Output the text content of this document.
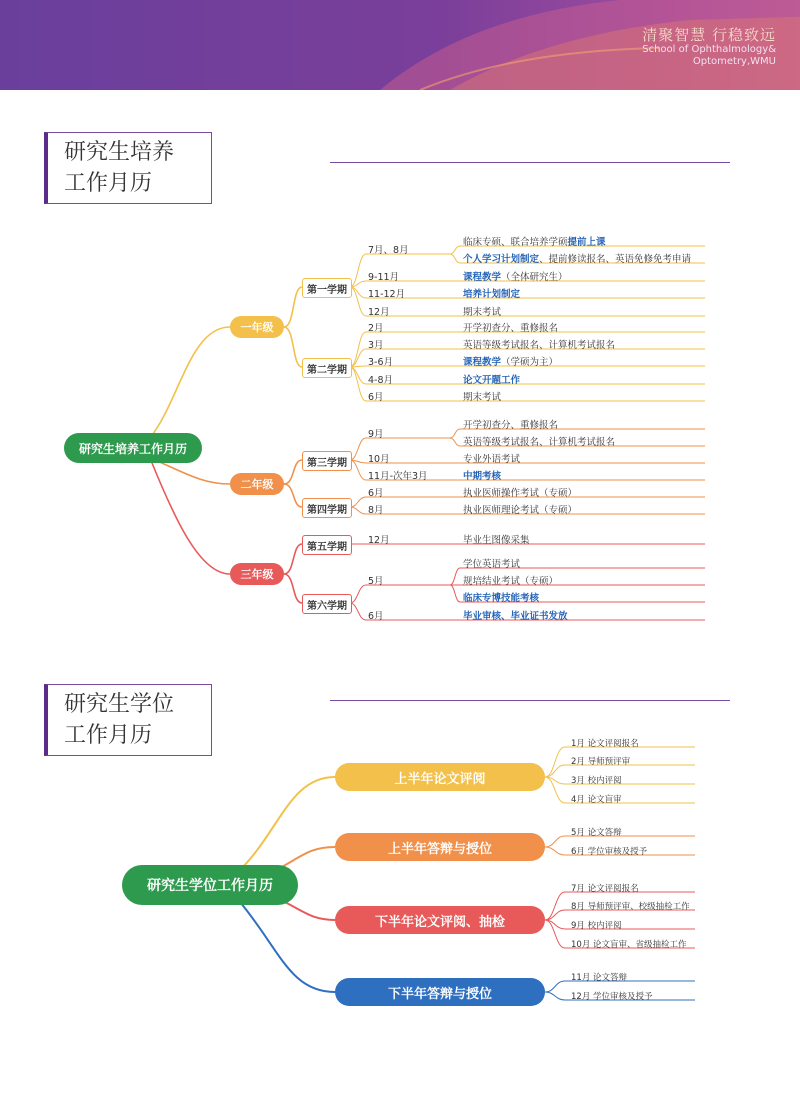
清聚智慧 行稳致远
School of Ophthalmology&
Optometry,WMU
研究生培养
工作月历
研究生培养工作月历
一年级
二年级
三年级
第一学期
第二学期
第三学期
第四学期
第五学期
第六学期
7月、8月
9-11月
11-12月
12月
2月
3月
3-6月
4-8月
6月
9月
10月
11月-次年3月
6月
8月
12月
5月
6月
临床专硕、联合培养学硕提前上课
个人学习计划制定、提前修读报名、英语免修免考申请
课程教学（全体研究生）
培养计划制定
期末考试
开学初查分、重修报名
英语等级考试报名、计算机考试报名
课程教学（学硕为主）
论文开题工作
期末考试
开学初查分、重修报名
英语等级考试报名、计算机考试报名
专业外语考试
中期考核
执业医师操作考试（专硕）
执业医师理论考试（专硕）
毕业生图像采集
学位英语考试
规培结业考试（专硕）
临床专博技能考核
毕业审核、毕业证书发放
研究生学位
工作月历
研究生学位工作月历
上半年论文评阅
上半年答辩与授位
下半年论文评阅、抽检
下半年答辩与授位
1月 论文评阅报名
2月 导师预评审
3月 校内评阅
4月 论文盲审
5月 论文答辩
6月 学位审核及授予
7月 论文评阅报名
8月 导师预评审、校级抽检工作
9月 校内评阅
10月 论文盲审、省级抽检工作
11月 论文答辩
12月 学位审核及授予
